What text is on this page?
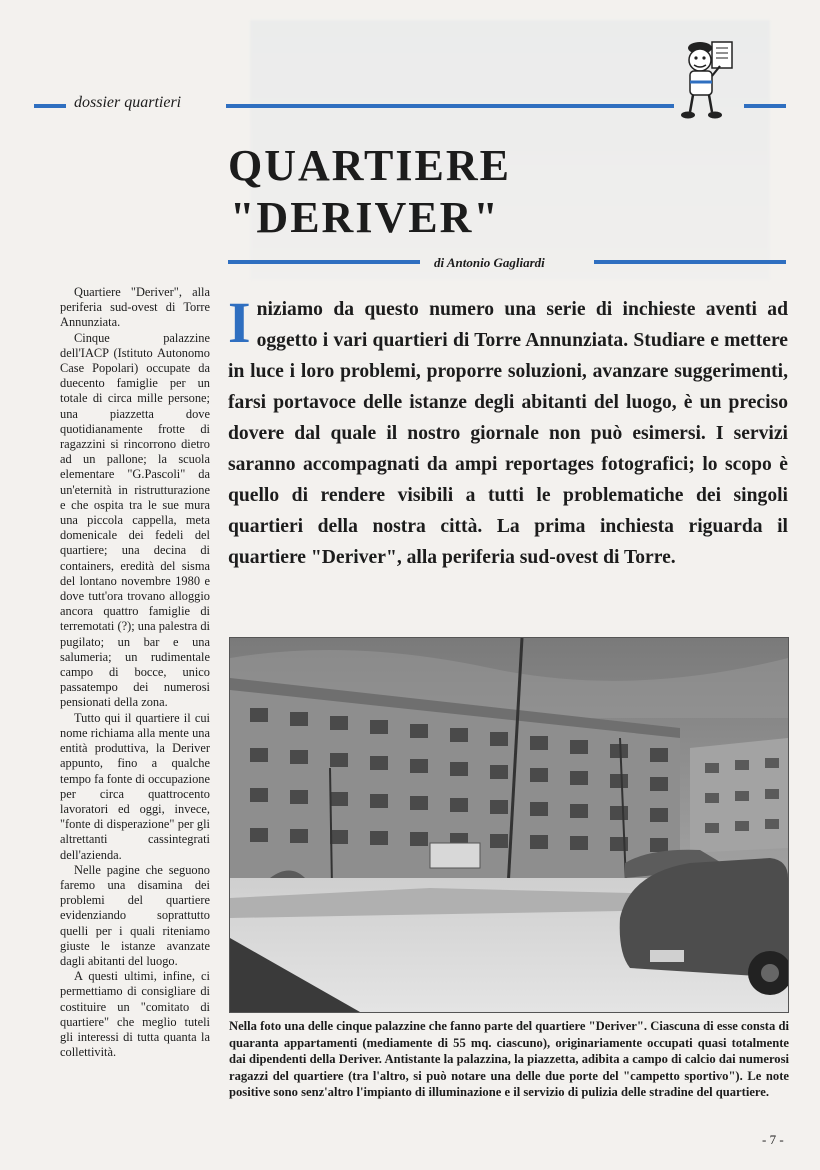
dossier quartieri
QUARTIERE
"DERIVER"
di Antonio Gagliardi

Quartiere "Deriver", alla periferia sud-ovest di Torre Annunziata.

Cinque palazzine dell'IACP (Istituto Autonomo Case Popolari) occupate da duecento famiglie per un totale di circa mille persone; una piazzetta dove quotidianamente frotte di ragazzini si rincorrono dietro ad un pallone; la scuola elementare "G.Pascoli" da un'eternità in ristrutturazione e che ospita tra le sue mura una piccola cappella, meta domenicale dei fedeli del quartiere; una decina di containers, eredità del sisma del lontano novembre 1980 e dove tutt'ora trovano alloggio ancora quattro famiglie di terremotati (?); una palestra di pugilato; un bar e una salumeria; un rudimentale campo di bocce, unico passatempo dei numerosi pensionati della zona.

Tutto qui il quartiere il cui nome richiama alla mente una entità produttiva, la Deriver appunto, fino a qualche tempo fa fonte di occupazione per circa quattrocento lavoratori ed oggi, invece, "fonte di disperazione" per gli altrettanti cassintegrati dell'azienda.

Nelle pagine che seguono faremo una disamina dei problemi del quartiere evidenziando soprattutto quelli per i quali riteniamo giuste le istanze avanzate dagli abitanti del luogo.

A questi ultimi, infine, ci permettiamo di consigliare di costituire un "comitato di quartiere" che meglio tuteli gli interessi di tutta quanta la collettività.

Iniziamo da questo numero una serie di inchieste aventi ad oggetto i vari quartieri di Torre Annunziata. Studiare e mettere in luce i loro problemi, proporre soluzioni, avanzare suggerimenti, farsi portavoce delle istanze degli abitanti del luogo, è un preciso dovere dal quale il nostro giornale non può esimersi. I servizi saranno accompagnati da ampi reportages fotografici; lo scopo è quello di rendere visibili a tutti le problematiche dei singoli quartieri della nostra città. La prima inchiesta riguarda il quartiere "Deriver", alla periferia sud-ovest di Torre.
Nella foto una delle cinque palazzine che fanno parte del quartiere "Deriver". Ciascuna di esse consta di quaranta appartamenti (mediamente di 55 mq. ciascuno), originariamente occupati quasi totalmente dai dipendenti della Deriver. Antistante la palazzina, la piazzetta, adibita a campo di calcio dai numerosi ragazzi del quartiere (tra l'altro, si può notare una delle due porte del "campetto sportivo"). Le note positive sono senz'altro l'impianto di illuminazione e il servizio di pulizia delle stradine del quartiere.
- 7 -
